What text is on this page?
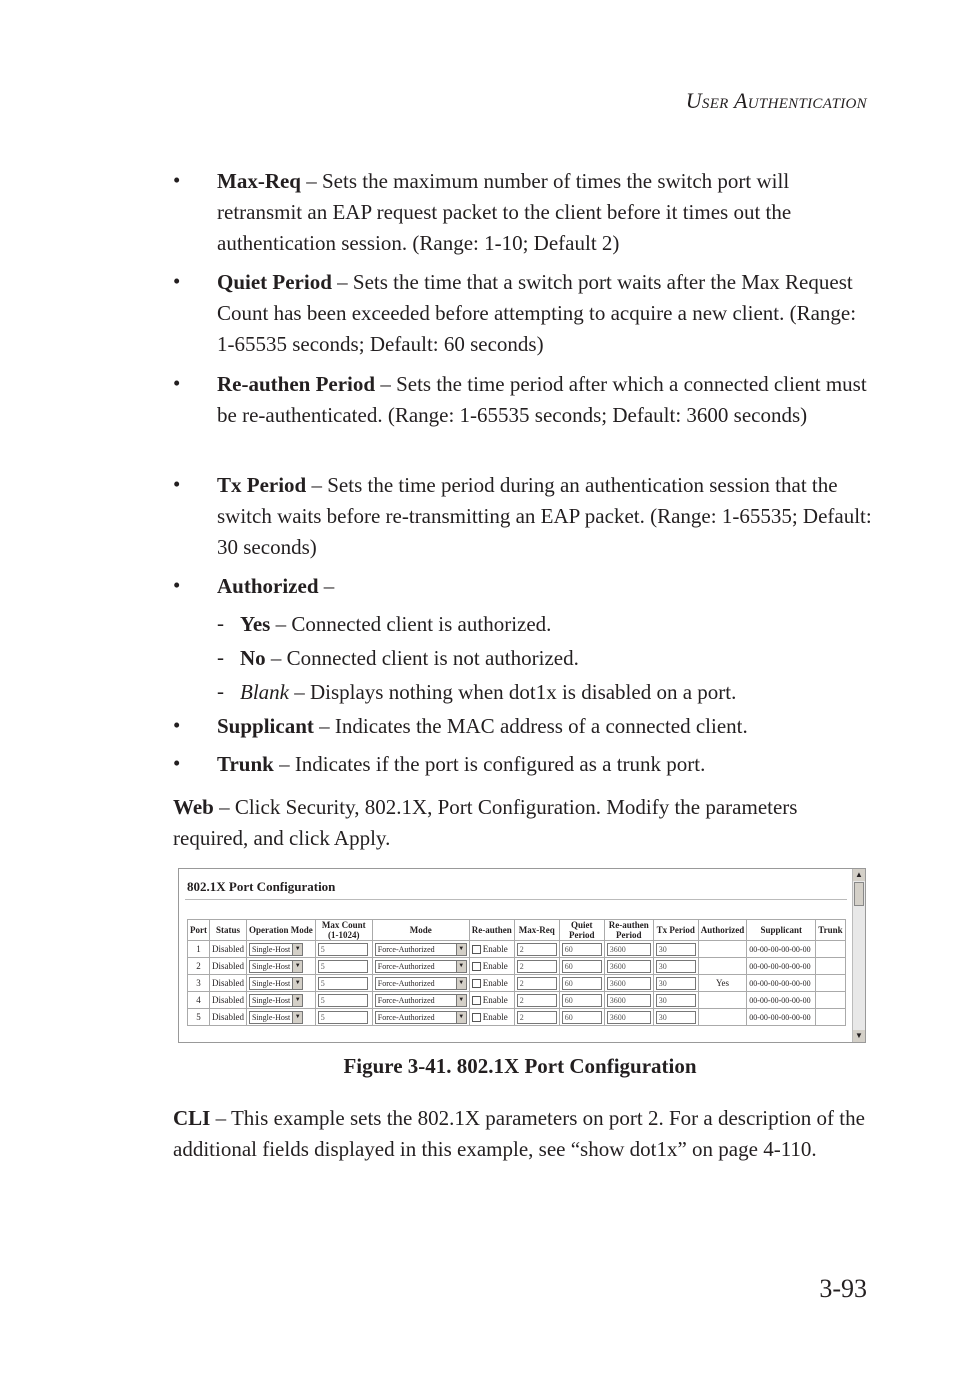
User Authentication
• Max-Req – Sets the maximum number of times the switch port will retransmit an EAP request packet to the client before it times out the authentication session. (Range: 1-10; Default 2)
• Quiet Period – Sets the time that a switch port waits after the Max Request Count has been exceeded before attempting to acquire a new client. (Range: 1-65535 seconds; Default: 60 seconds)
• Re-authen Period – Sets the time period after which a connected client must be re-authenticated. (Range: 1-65535 seconds; Default: 3600 seconds)
• Tx Period – Sets the time period during an authentication session that the switch waits before re-transmitting an EAP packet. (Range: 1-65535; Default: 30 seconds)
• Authorized –
- Yes – Connected client is authorized.
- No – Connected client is not authorized.
- Blank – Displays nothing when dot1x is disabled on a port.
• Supplicant – Indicates the MAC address of a connected client.
• Trunk – Indicates if the port is configured as a trunk port.
Web – Click Security, 802.1X, Port Configuration. Modify the parameters required, and click Apply.
802.1X Port Configuration
Port	Status	Operation Mode	Max Count (1-1024)	Mode	Re-authen	Max-Req	Quiet Period	Re-authen Period	Tx Period	Authorized	Supplicant	Trunk
1	Disabled	Single-Host ▼	5	Force-Authorized ▼	Enable	2	60	3600	30		00-00-00-00-00-00	
2	Disabled	Single-Host ▼	5	Force-Authorized ▼	Enable	2	60	3600	30		00-00-00-00-00-00	
3	Disabled	Single-Host ▼	5	Force-Authorized ▼	Enable	2	60	3600	30	Yes	00-00-00-00-00-00	
4	Disabled	Single-Host ▼	5	Force-Authorized ▼	Enable	2	60	3600	30		00-00-00-00-00-00	
5	Disabled	Single-Host ▼	5	Force-Authorized ▼	Enable	2	60	3600	30		00-00-00-00-00-00	
▲
▼
Figure 3-41. 802.1X Port Configuration
CLI – This example sets the 802.1X parameters on port 2. For a description of the additional fields displayed in this example, see “show dot1x” on page 4-110.
3-93
